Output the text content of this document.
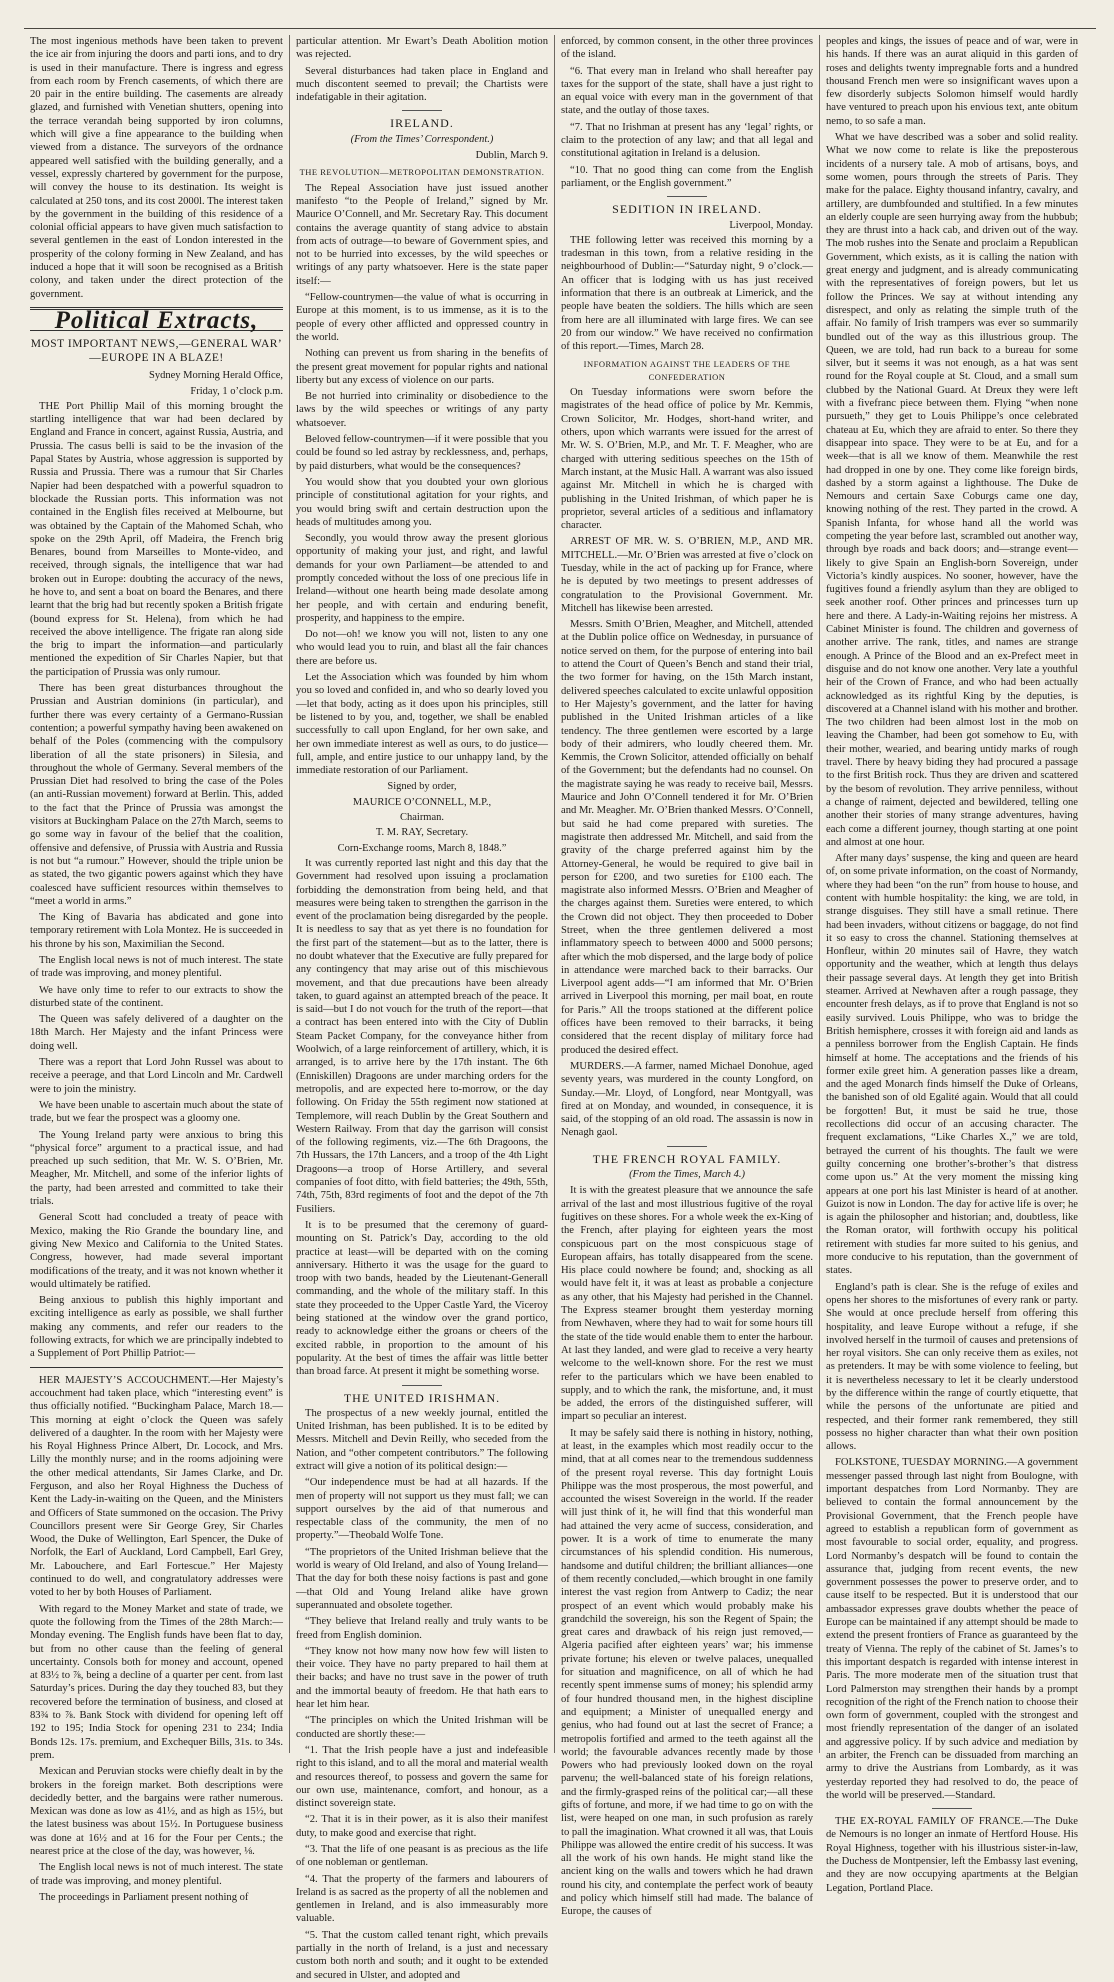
The most ingenious methods have been taken to prevent the ice air from injuring the doors and parti ions, and to dry is used in their manufacture. There is ingress and egress from each room by French casements, of which there are 20 pair in the entire building. The casements are already glazed, and furnished with Venetian shutters, opening into the terrace verandah being supported by iron columns, which will give a fine appearance to the building when viewed from a distance. The surveyors of the ordnance appeared well satisfied with the building generally, and a vessel, expressly chartered by government for the purpose, will convey the house to its destination. Its weight is calculated at 250 tons, and its cost 2000l. The interest taken by the government in the building of this residence of a colonial official appears to have given much satisfaction to several gentlemen in the east of London interested in the prosperity of the colony forming in New Zealand, and has induced a hope that it will soon be recognised as a British colony, and taken under the direct protection of the government.

Political Extracts,
MOST IMPORTANT NEWS,—GENERAL WAR’ —EUROPE IN A BLAZE!
Sydney Morning Herald Office,
Friday, 1 o’clock p.m.

THE Port Phillip Mail of this morning brought the startling intelligence that war had been declared by England and France in concert, against Russia, Austria, and Prussia. The casus belli is said to be the invasion of the Papal States by Austria, whose aggression is supported by Russia and Prussia. There was a rumour that Sir Charles Napier had been despatched with a powerful squadron to blockade the Russian ports. This information was not contained in the English files received at Melbourne, but was obtained by the Captain of the Mahomed Schah, who spoke on the 29th April, off Madeira, the French brig Benares, bound from Marseilles to Monte-video, and received, through signals, the intelligence that war had broken out in Europe: doubting the accuracy of the news, he hove to, and sent a boat on board the Benares, and there learnt that the brig had but recently spoken a British frigate (bound express for St. Helena), from which he had received the above intelligence. The frigate ran along side the brig to impart the information—and particularly mentioned the expedition of Sir Charles Napier, but that the participation of Prussia was only rumour.

There has been great disturbances throughout the Prussian and Austrian dominions (in particular), and further there was every certainty of a Germano-Russian contention; a powerful sympathy having been awakened on behalf of the Poles (commencing with the compulsory liberation of all the state prisoners) in Silesia, and throughout the whole of Germany. Several members of the Prussian Diet had resolved to bring the case of the Poles (an anti-Russian movement) forward at Berlin. This, added to the fact that the Prince of Prussia was amongst the visitors at Buckingham Palace on the 27th March, seems to go some way in favour of the belief that the coalition, offensive and defensive, of Prussia with Austria and Russia is not but “a rumour.” However, should the triple union be as stated, the two gigantic powers against which they have coalesced have sufficient resources within themselves to “meet a world in arms.”

The King of Bavaria has abdicated and gone into temporary retirement with Lola Montez. He is succeeded in his throne by his son, Maximilian the Second.

The English local news is not of much interest. The state of trade was improving, and money plentiful.

We have only time to refer to our extracts to show the disturbed state of the continent.

The Queen was safely delivered of a daughter on the 18th March. Her Majesty and the infant Princess were doing well.

There was a report that Lord John Russel was about to receive a peerage, and that Lord Lincoln and Mr. Cardwell were to join the ministry.

We have been unable to ascertain much about the state of trade, but we fear the prospect was a gloomy one.

The Young Ireland party were anxious to bring this “physical force” argument to a practical issue, and had preached up such sedition, that Mr. W. S. O’Brien, Mr. Meagher, Mr. Mitchell, and some of the inferior lights of the party, had been arrested and committed to take their trials.

General Scott had concluded a treaty of peace with Mexico, making the Rio Grande the boundary line, and giving New Mexico and California to the United States. Congress, however, had made several important modifications of the treaty, and it was not known whether it would ultimately be ratified.

Being anxious to publish this highly important and exciting intelligence as early as possible, we shall further making any comments, and refer our readers to the following extracts, for which we are principally indebted to a Supplement of Port Phillip Patriot:—

HER MAJESTY’S ACCOUCHMENT.—Her Majesty’s accouchment had taken place, which “interesting event” is thus officially notified. “Buckingham Palace, March 18.—This morning at eight o’clock the Queen was safely delivered of a daughter. In the room with her Majesty were his Royal Highness Prince Albert, Dr. Locock, and Mrs. Lilly the monthly nurse; and in the rooms adjoining were the other medical attendants, Sir James Clarke, and Dr. Ferguson, and also her Royal Highness the Duchess of Kent the Lady-in-waiting on the Queen, and the Ministers and Officers of State summoned on the occasion. The Privy Councillors present were Sir George Grey, Sir Charles Wood, the Duke of Wellington, Earl Spencer, the Duke of Norfolk, the Earl of Auckland, Lord Campbell, Earl Grey, Mr. Labouchere, and Earl Fortescue.” Her Majesty continued to do well, and congratulatory addresses were voted to her by both Houses of Parliament.

With regard to the Money Market and state of trade, we quote the following from the Times of the 28th March:—Monday evening. The English funds have been flat to day, but from no other cause than the feeling of general uncertainty. Consols both for money and account, opened at 83½ to ⅞, being a decline of a quarter per cent. from last Saturday’s prices. During the day they touched 83, but they recovered before the termination of business, and closed at 83¾ to ⅞. Bank Stock with dividend for opening left off 192 to 195; India Stock for opening 231 to 234; India Bonds 12s. 17s. premium, and Exchequer Bills, 31s. to 34s. prem.

Mexican and Peruvian stocks were chiefly dealt in by the brokers in the foreign market. Both descriptions were decidedly better, and the bargains were rather numerous. Mexican was done as low as 41½, and as high as 15½, but the latest business was about 15½. In Portuguese business was done at 16½ and at 16 for the Four per Cents.; the nearest price at the close of the day, was however, ⅛.

The English local news is not of much interest. The state of trade was improving, and money plentiful.

The proceedings in Parliament present nothing of

particular attention. Mr Ewart’s Death Abolition motion was rejected.

Several disturbances had taken place in England and much discontent seemed to prevail; the Chartists were indefatigable in their agitation.

IRELAND.
(From the Times’ Correspondent.)
Dublin, March 9.
THE REVOLUTION—METROPOLITAN DEMONSTRATION.

The Repeal Association have just issued another manifesto “to the People of Ireland,” signed by Mr. Maurice O’Connell, and Mr. Secretary Ray. This document contains the average quantity of stang advice to abstain from acts of outrage—to beware of Government spies, and not to be hurried into excesses, by the wild speeches or writings of any party whatsoever. Here is the state paper itself:—

“Fellow-countrymen—the value of what is occurring in Europe at this moment, is to us immense, as it is to the people of every other afflicted and oppressed country in the world.

Nothing can prevent us from sharing in the benefits of the present great movement for popular rights and national liberty but any excess of violence on our parts.

Be not hurried into criminality or disobedience to the laws by the wild speeches or writings of any party whatsoever.

Beloved fellow-countrymen—if it were possible that you could be found so led astray by recklessness, and, perhaps, by paid disturbers, what would be the consequences?

You would show that you doubted your own glorious principle of constitutional agitation for your rights, and you would bring swift and certain destruction upon the heads of multitudes among you.

Secondly, you would throw away the present glorious opportunity of making your just, and right, and lawful demands for your own Parliament—be attended to and promptly conceded without the loss of one precious life in Ireland—without one hearth being made desolate among her people, and with certain and enduring benefit, prosperity, and happiness to the empire.

Do not—oh! we know you will not, listen to any one who would lead you to ruin, and blast all the fair chances there are before us.

Let the Association which was founded by him whom you so loved and confided in, and who so dearly loved you—let that body, acting as it does upon his principles, still be listened to by you, and, together, we shall be enabled successfully to call upon England, for her own sake, and her own immediate interest as well as ours, to do justice—full, ample, and entire justice to our unhappy land, by the immediate restoration of our Parliament.

Signed by order,
MAURICE O’CONNELL, M.P.,
Chairman.
T. M. RAY, Secretary.
Corn-Exchange rooms, March 8, 1848.”

It was currently reported last night and this day that the Government had resolved upon issuing a proclamation forbidding the demonstration from being held, and that measures were being taken to strengthen the garrison in the event of the proclamation being disregarded by the people. It is needless to say that as yet there is no foundation for the first part of the statement—but as to the latter, there is no doubt whatever that the Executive are fully prepared for any contingency that may arise out of this mischievous movement, and that due precautions have been already taken, to guard against an attempted breach of the peace. It is said—but I do not vouch for the truth of the report—that a contract has been entered into with the City of Dublin Steam Packet Company, for the conveyance hither from Woolwich, of a large reinforcement of artillery, which, it is arranged, is to arrive here by the 17th instant. The 6th (Enniskillen) Dragoons are under marching orders for the metropolis, and are expected here to-morrow, or the day following. On Friday the 55th regiment now stationed at Templemore, will reach Dublin by the Great Southern and Western Railway. From that day the garrison will consist of the following regiments, viz.—The 6th Dragoons, the 7th Hussars, the 17th Lancers, and a troop of the 4th Light Dragoons—a troop of Horse Artillery, and several companies of foot ditto, with field batteries; the 49th, 55th, 74th, 75th, 83rd regiments of foot and the depot of the 7th Fusiliers.

It is to be presumed that the ceremony of guard-mounting on St. Patrick’s Day, according to the old practice at least—will be departed with on the coming anniversary. Hitherto it was the usage for the guard to troop with two bands, headed by the Lieutenant-Generall commanding, and the whole of the military staff. In this state they proceeded to the Upper Castle Yard, the Viceroy being stationed at the window over the grand portico, ready to acknowledge either the groans or cheers of the excited rabble, in proportion to the amount of his popularity. At the best of times the affair was little better than broad farce. At present it might be something worse.

THE UNITED IRISHMAN.

The prospectus of a new weekly journal, entitled the United Irishman, has been published. It is to be edited by Messrs. Mitchell and Devin Reilly, who seceded from the Nation, and “other competent contributors.” The following extract will give a notion of its political design:—

“Our independence must be had at all hazards. If the men of property will not support us they must fall; we can support ourselves by the aid of that numerous and respectable class of the community, the men of no property.”—Theobald Wolfe Tone.

“The proprietors of the United Irishman believe that the world is weary of Old Ireland, and also of Young Ireland—That the day for both these noisy factions is past and gone—that Old and Young Ireland alike have grown superannuated and obsolete together.

“They believe that Ireland really and truly wants to be freed from English dominion.

“They know not how many now how few will listen to their voice. They have no party prepared to hail them at their backs; and have no trust save in the power of truth and the immortal beauty of freedom. He that hath ears to hear let him hear.

“The principles on which the United Irishman will be conducted are shortly these:—

“1. That the Irish people have a just and indefeasible right to this island, and to all the moral and material wealth and resources thereof, to possess and govern the same for our own use, maintenance, comfort, and honour, as a distinct sovereign state.

“2. That it is in their power, as it is also their manifest duty, to make good and exercise that right.

“3. That the life of one peasant is as precious as the life of one nobleman or gentleman.

“4. That the property of the farmers and labourers of Ireland is as sacred as the property of all the noblemen and gentlemen in Ireland, and is also immeasurably more valuable.

“5. That the custom called tenant right, which prevails partially in the north of Ireland, is a just and necessary custom both north and south; and it ought to be extended and secured in Ulster, and adopted and

enforced, by common consent, in the other three provinces of the island.

“6. That every man in Ireland who shall hereafter pay taxes for the support of the state, shall have a just right to an equal voice with every man in the government of that state, and the outlay of those taxes.

“7. That no Irishman at present has any ‘legal’ rights, or claim to the protection of any law; and that all legal and constitutional agitation in Ireland is a delusion.

“10. That no good thing can come from the English parliament, or the English government.”

SEDITION IN IRELAND.
Liverpool, Monday.

THE following letter was received this morning by a tradesman in this town, from a relative residing in the neighbourhood of Dublin:—“Saturday night, 9 o’clock.—An officer that is lodging with us has just received information that there is an outbreak at Limerick, and the people have beaten the soldiers. The hills which are seen from here are all illuminated with large fires. We can see 20 from our window.” We have received no confirmation of this report.—Times, March 28.

INFORMATION AGAINST THE LEADERS OF THE CONFEDERATION

On Tuesday informations were sworn before the magistrates of the head office of police by Mr. Kemmis, Crown Solicitor, Mr. Hodges, short-hand writer, and others, upon which warrants were issued for the arrest of Mr. W. S. O’Brien, M.P., and Mr. T. F. Meagher, who are charged with uttering seditious speeches on the 15th of March instant, at the Music Hall. A warrant was also issued against Mr. Mitchell in which he is charged with publishing in the United Irishman, of which paper he is proprietor, several articles of a seditious and inflamatory character.

ARREST OF MR. W. S. O’BRIEN, M.P., AND MR. MITCHELL.—Mr. O’Brien was arrested at five o’clock on Tuesday, while in the act of packing up for France, where he is deputed by two meetings to present addresses of congratulation to the Provisional Government. Mr. Mitchell has likewise been arrested.

Messrs. Smith O’Brien, Meagher, and Mitchell, attended at the Dublin police office on Wednesday, in pursuance of notice served on them, for the purpose of entering into bail to attend the Court of Queen’s Bench and stand their trial, the two former for having, on the 15th March instant, delivered speeches calculated to excite unlawful opposition to Her Majesty’s government, and the latter for having published in the United Irishman articles of a like tendency. The three gentlemen were escorted by a large body of their admirers, who loudly cheered them. Mr. Kemmis, the Crown Solicitor, attended officially on behalf of the Government; but the defendants had no counsel. On the magistrate saying he was ready to receive bail, Messrs. Maurice and John O’Connell tendered it for Mr. O’Brien and Mr. Meagher. Mr. O’Brien thanked Messrs. O’Connell, but said he had come prepared with sureties. The magistrate then addressed Mr. Mitchell, and said from the gravity of the charge preferred against him by the Attorney-General, he would be required to give bail in person for £200, and two sureties for £100 each. The magistrate also informed Messrs. O’Brien and Meagher of the charges against them. Sureties were entered, to which the Crown did not object. They then proceeded to Dober Street, when the three gentlemen delivered a most inflammatory speech to between 4000 and 5000 persons; after which the mob dispersed, and the large body of police in attendance were marched back to their barracks. Our Liverpool agent adds—“I am informed that Mr. O’Brien arrived in Liverpool this morning, per mail boat, en route for Paris.” All the troops stationed at the different police offices have been removed to their barracks, it being considered that the recent display of military force had produced the desired effect.

MURDERS.—A farmer, named Michael Donohue, aged seventy years, was murdered in the county Longford, on Sunday.—Mr. Lloyd, of Longford, near Montgyall, was fired at on Monday, and wounded, in consequence, it is said, of the stopping of an old road. The assassin is now in Nenagh gaol.

THE FRENCH ROYAL FAMILY.
(From the Times, March 4.)

It is with the greatest pleasure that we announce the safe arrival of the last and most illustrious fugitive of the royal fugitives on these shores. For a whole week the ex-King of the French, after playing for eighteen years the most conspicuous part on the most conspicuous stage of European affairs, has totally disappeared from the scene. His place could nowhere be found; and, shocking as all would have felt it, it was at least as probable a conjecture as any other, that his Majesty had perished in the Channel. The Express steamer brought them yesterday morning from Newhaven, where they had to wait for some hours till the state of the tide would enable them to enter the harbour. At last they landed, and were glad to receive a very hearty welcome to the well-known shore. For the rest we must refer to the particulars which we have been enabled to supply, and to which the rank, the misfortune, and, it must be added, the errors of the distinguished sufferer, will impart so peculiar an interest.

It may be safely said there is nothing in history, nothing, at least, in the examples which most readily occur to the mind, that at all comes near to the tremendous suddenness of the present royal reverse. This day fortnight Louis Philippe was the most prosperous, the most powerful, and accounted the wisest Sovereign in the world. If the reader will just think of it, he will find that this wonderful man had attained the very acme of success, consideration, and power. It is a work of time to enumerate the many circumstances of his splendid condition. His numerous, handsome and dutiful children; the brilliant alliances—one of them recently concluded,—which brought in one family interest the vast region from Antwerp to Cadiz; the near prospect of an event which would probably make his grandchild the sovereign, his son the Regent of Spain; the great cares and drawback of his reign just removed,—Algeria pacified after eighteen years’ war; his immense private fortune; his eleven or twelve palaces, unequalled for situation and magnificence, on all of which he had recently spent immense sums of money; his splendid army of four hundred thousand men, in the highest discipline and equipment; a Minister of unequalled energy and genius, who had found out at last the secret of France; a metropolis fortified and armed to the teeth against all the world; the favourable advances recently made by those Powers who had previously looked down on the royal parvenu; the well-balanced state of his foreign relations, and the firmly-grasped reins of the political car;—all these gifts of fortune, and more, if we had time to go on with the list, were heaped on one man, in such profusion as rarely to pall the imagination. What crowned it all was, that Louis Philippe was allowed the entire credit of his success. It was all the work of his own hands. He might stand like the ancient king on the walls and towers which he had drawn round his city, and contemplate the perfect work of beauty and policy which himself still had made. The balance of Europe, the causes of

peoples and kings, the issues of peace and of war, were in his hands. If there was an aurat aliquid in this garden of roses and delights twenty impregnable forts and a hundred thousand French men were so insignificant waves upon a few disorderly subjects Solomon himself would hardly have ventured to preach upon his envious text, ante obitum nemo, to so safe a man.

What we have described was a sober and solid reality. What we now come to relate is like the preposterous incidents of a nursery tale. A mob of artisans, boys, and some women, pours through the streets of Paris. They make for the palace. Eighty thousand infantry, cavalry, and artillery, are dumbfounded and stultified. In a few minutes an elderly couple are seen hurrying away from the hubbub; they are thrust into a hack cab, and driven out of the way. The mob rushes into the Senate and proclaim a Republican Government, which exists, as it is calling the nation with great energy and judgment, and is already communicating with the representatives of foreign powers, but let us follow the Princes. We say at without intending any disrespect, and only as relating the simple truth of the affair. No family of Irish trampers was ever so summarily bundled out of the way as this illustrious group. The Queen, we are told, had run back to a bureau for some silver, but it seems it was not enough, as a hat was sent round for the Royal couple at St. Cloud, and a small sum clubbed by the National Guard. At Dreux they were left with a fivefranc piece between them. Flying “when none pursueth,” they get to Louis Philippe’s once celebrated chateau at Eu, which they are afraid to enter. So there they disappear into space. They were to be at Eu, and for a week—that is all we know of them. Meanwhile the rest had dropped in one by one. They come like foreign birds, dashed by a storm against a lighthouse. The Duke de Nemours and certain Saxe Coburgs came one day, knowing nothing of the rest. They parted in the crowd. A Spanish Infanta, for whose hand all the world was competing the year before last, scrambled out another way, through bye roads and back doors; and—strange event—likely to give Spain an English-born Sovereign, under Victoria’s kindly auspices. No sooner, however, have the fugitives found a friendly asylum than they are obliged to seek another roof. Other princes and princesses turn up here and there. A Lady-in-Waiting rejoins her mistress. A Cabinet Minister is found. The children and governess of another arrive. The rank, titles, and names are strange enough. A Prince of the Blood and an ex-Prefect meet in disguise and do not know one another. Very late a youthful heir of the Crown of France, and who had been actually acknowledged as its rightful King by the deputies, is discovered at a Channel island with his mother and brother. The two children had been almost lost in the mob on leaving the Chamber, had been got somehow to Eu, with their mother, wearied, and bearing untidy marks of rough travel. There by heavy biding they had procured a passage to the first British rock. Thus they are driven and scattered by the besom of revolution. They arrive penniless, without a change of raiment, dejected and bewildered, telling one another their stories of many strange adventures, having each come a different journey, though starting at one point and almost at one hour.

After many days’ suspense, the king and queen are heard of, on some private information, on the coast of Normandy, where they had been “on the run” from house to house, and content with humble hospitality: the king, we are told, in strange disguises. They still have a small retinue. There had been invaders, without citizens or baggage, do not find it so easy to cross the channel. Stationing themselves at Honfleur, within 20 minutes sail of Havre, they watch opportunity and the weather, which at length thus delays their passage several days. At length they get into British steamer. Arrived at Newhaven after a rough passage, they encounter fresh delays, as if to prove that England is not so easily survived. Louis Philippe, who was to bridge the British hemisphere, crosses it with foreign aid and lands as a penniless borrower from the English Captain. He finds himself at home. The acceptations and the friends of his former exile greet him. A generation passes like a dream, and the aged Monarch finds himself the Duke of Orleans, the banished son of old Egalité again. Would that all could be forgotten! But, it must be said he true, those recollections did occur of an accusing character. The frequent exclamations, “Like Charles X.,” we are told, betrayed the current of his thoughts. The fault we were guilty concerning one brother’s-brother’s that distress come upon us.” At the very moment the missing king appears at one port his last Minister is heard of at another. Guizot is now in London. The day for active life is over; he is again the philosopher and historian; and, doubtless, like the Roman orator, will forthwith occupy his political retirement with studies far more suited to his genius, and more conducive to his reputation, than the government of states.

England’s path is clear. She is the refuge of exiles and opens her shores to the misfortunes of every rank or party. She would at once preclude herself from offering this hospitality, and leave Europe without a refuge, if she involved herself in the turmoil of causes and pretensions of her royal visitors. She can only receive them as exiles, not as pretenders. It may be with some violence to feeling, but it is nevertheless necessary to let it be clearly understood by the difference within the range of courtly etiquette, that while the persons of the unfortunate are pitied and respected, and their former rank remembered, they still possess no higher character than what their own position allows.

FOLKSTONE, TUESDAY MORNING.—A government messenger passed through last night from Boulogne, with important despatches from Lord Normanby. They are believed to contain the formal announcement by the Provisional Government, that the French people have agreed to establish a republican form of government as most favourable to social order, equality, and progress. Lord Normanby’s despatch will be found to contain the assurance that, judging from recent events, the new government possesses the power to preserve order, and to cause itself to be respected. But it is understood that our ambassador expresses grave doubts whether the peace of Europe can be maintained if any attempt should be made to extend the present frontiers of France as guaranteed by the treaty of Vienna. The reply of the cabinet of St. James’s to this important despatch is regarded with intense interest in Paris. The more moderate men of the situation trust that Lord Palmerston may strengthen their hands by a prompt recognition of the right of the French nation to choose their own form of government, coupled with the strongest and most friendly representation of the danger of an isolated and aggressive policy. If by such advice and mediation by an arbiter, the French can be dissuaded from marching an army to drive the Austrians from Lombardy, as it was yesterday reported they had resolved to do, the peace of the world will be preserved.—Standard.

THE EX-ROYAL FAMILY OF FRANCE.—The Duke de Nemours is no longer an inmate of Hertford House. His Royal Highness, together with his illustrious sister-in-law, the Duchess de Montpensier, left the Embassy last evening, and they are now occupying apartments at the Belgian Legation, Portland Place.
